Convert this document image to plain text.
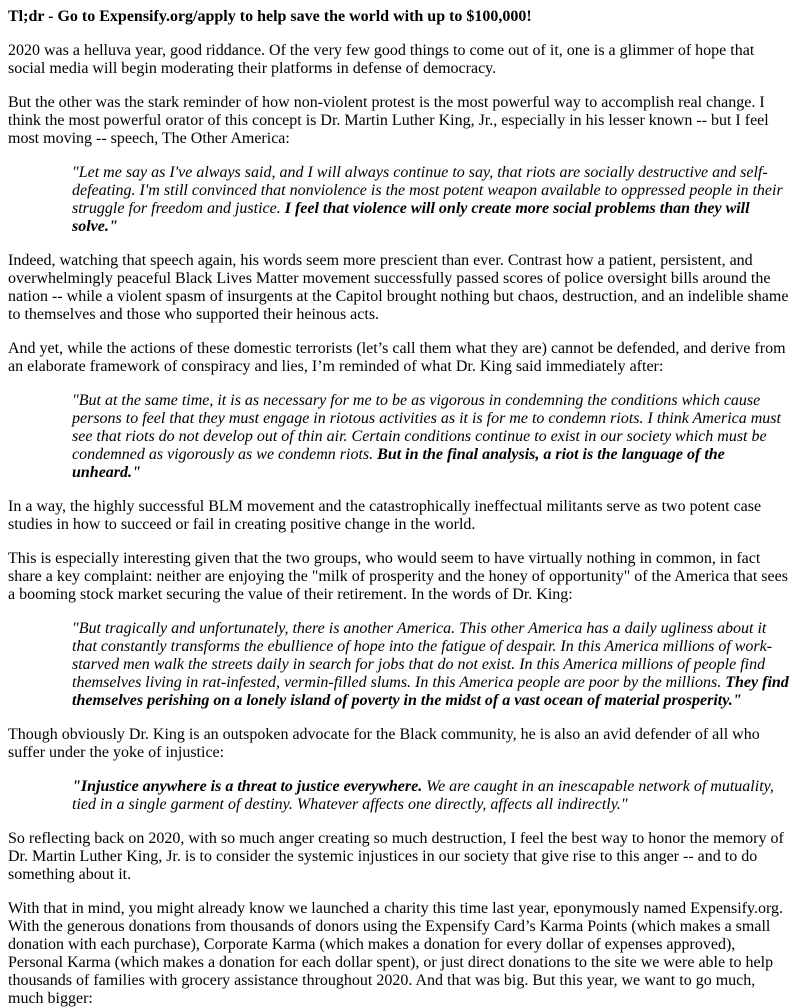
Tl;dr - Go to Expensify.org/apply to help save the world with up to $100,000!

2020 was a helluva year, good riddance. Of the very few good things to come out of it, one is a glimmer of hope that social media will begin moderating their platforms in defense of democracy.

But the other was the stark reminder of how non-violent protest is the most powerful way to accomplish real change. I think the most powerful orator of this concept is Dr. Martin Luther King, Jr., especially in his lesser known -- but I feel most moving -- speech, The Other America:

"Let me say as I've always said, and I will always continue to say, that riots are socially destructive and self-defeating. I'm still convinced that nonviolence is the most potent weapon available to oppressed people in their struggle for freedom and justice. I feel that violence will only create more social problems than they will solve."

Indeed, watching that speech again, his words seem more prescient than ever. Contrast how a patient, persistent, and overwhelmingly peaceful Black Lives Matter movement successfully passed scores of police oversight bills around the nation -- while a violent spasm of insurgents at the Capitol brought nothing but chaos, destruction, and an indelible shame to themselves and those who supported their heinous acts.

And yet, while the actions of these domestic terrorists (let’s call them what they are) cannot be defended, and derive from an elaborate framework of conspiracy and lies, I’m reminded of what Dr. King said immediately after:

"But at the same time, it is as necessary for me to be as vigorous in condemning the conditions which cause persons to feel that they must engage in riotous activities as it is for me to condemn riots. I think America must see that riots do not develop out of thin air. Certain conditions continue to exist in our society which must be condemned as vigorously as we condemn riots. But in the final analysis, a riot is the language of the unheard."

In a way, the highly successful BLM movement and the catastrophically ineffectual militants serve as two potent case studies in how to succeed or fail in creating positive change in the world.

This is especially interesting given that the two groups, who would seem to have virtually nothing in common, in fact share a key complaint: neither are enjoying the "milk of prosperity and the honey of opportunity" of the America that sees a booming stock market securing the value of their retirement. In the words of Dr. King:

"But tragically and unfortunately, there is another America. This other America has a daily ugliness about it that constantly transforms the ebullience of hope into the fatigue of despair. In this America millions of work-starved men walk the streets daily in search for jobs that do not exist. In this America millions of people find themselves living in rat-infested, vermin-filled slums. In this America people are poor by the millions. They find themselves perishing on a lonely island of poverty in the midst of a vast ocean of material prosperity."

Though obviously Dr. King is an outspoken advocate for the Black community, he is also an avid defender of all who suffer under the yoke of injustice:

"Injustice anywhere is a threat to justice everywhere. We are caught in an inescapable network of mutuality, tied in a single garment of destiny. Whatever affects one directly, affects all indirectly."

So reflecting back on 2020, with so much anger creating so much destruction, I feel the best way to honor the memory of Dr. Martin Luther King, Jr. is to consider the systemic injustices in our society that give rise to this anger -- and to do something about it.

With that in mind, you might already know we launched a charity this time last year, eponymously named Expensify.org. With the generous donations from thousands of donors using the Expensify Card’s Karma Points (which makes a small donation with each purchase), Corporate Karma (which makes a donation for every dollar of expenses approved), Personal Karma (which makes a donation for each dollar spent), or just direct donations to the site we were able to help thousands of families with grocery assistance throughout 2020. And that was big. But this year, we want to go much, much bigger:
